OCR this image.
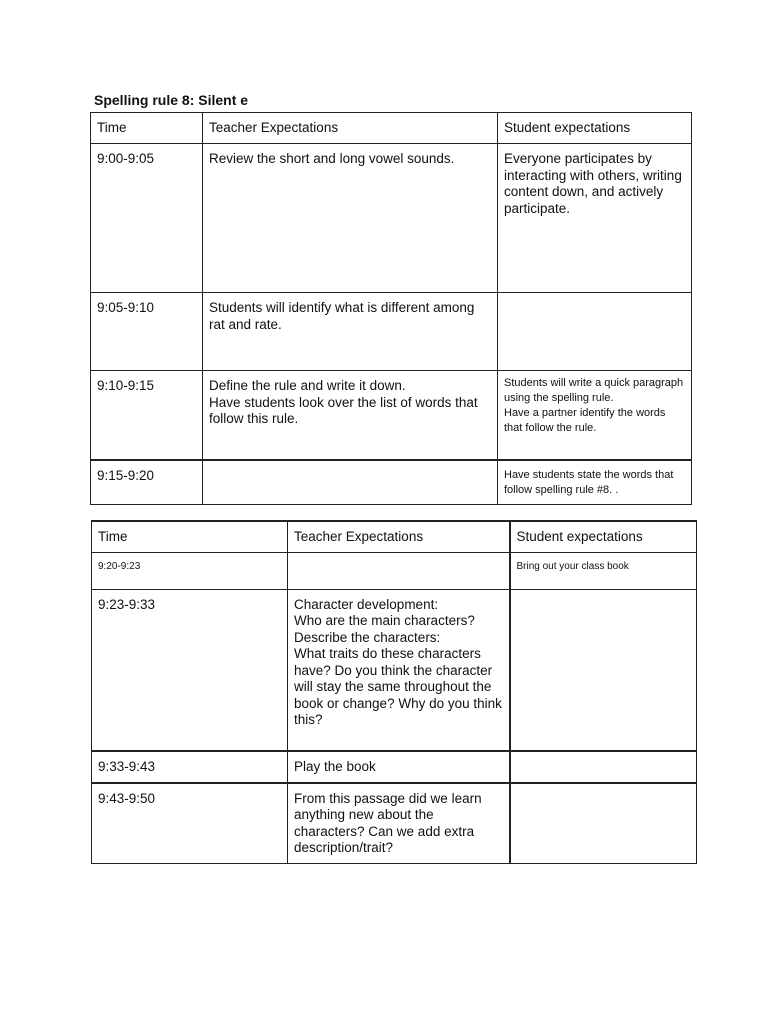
Spelling rule 8: Silent e
Time	Teacher Expectations	Student expectations
9:00-9:05	Review the short and long vowel sounds.	Everyone participates by interacting with others, writing content down, and actively participate.

9:05-9:10	Students will identify what is different among rat and rate.	

9:10-9:15	Define the rule and write it down.
Have students look over the list of words that follow this rule.	Students will write a quick paragraph using the spelling rule.
Have a partner identify the words that follow the rule.

9:15-9:20		Have students state the words that follow spelling rule #8. .
Time	Teacher Expectations	Student expectations
9:20-9:23		Bring out your class book

9:23-9:33	Character development:
Who are the main characters?
Describe the characters:
What traits do these characters have? Do you think the character will stay the same throughout the book or change? Why do you think this?	

9:33-9:43	Play the book	

9:43-9:50	From this passage did we learn anything new about the characters? Can we add extra description/trait?	
